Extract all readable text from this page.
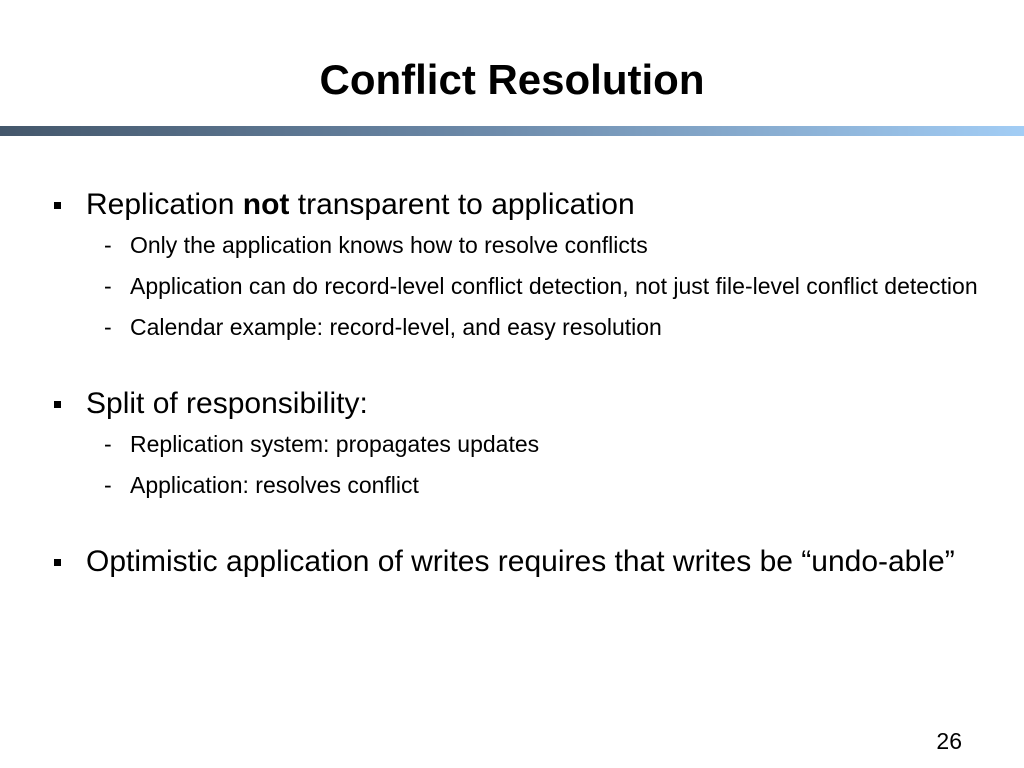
Conflict Resolution
Replication not transparent to application
- Only the application knows how to resolve conflicts
- Application can do record-level conflict detection, not just file-level conflict detection
- Calendar example: record-level, and easy resolution
Split of responsibility:
- Replication system: propagates updates
- Application: resolves conflict
Optimistic application of writes requires that writes be “undo-able”
26
